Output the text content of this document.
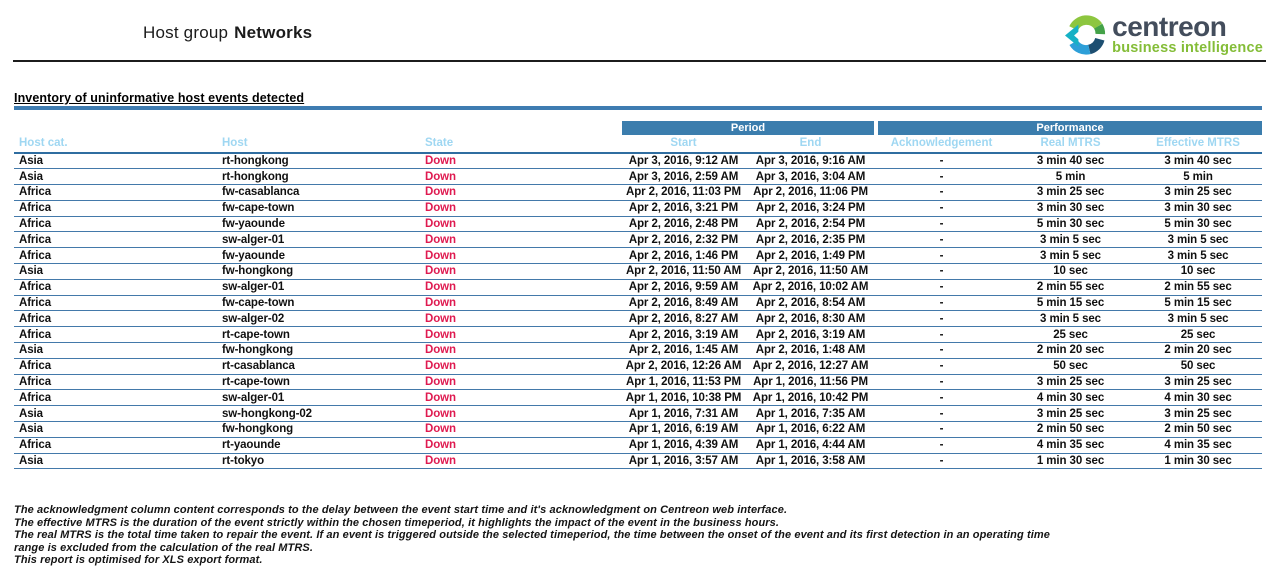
Host group Networks	centreon
business intelligence
Inventory of uninformative host events detected
			Period		Performance		
Host cat.	Host	State	Start	End	Acknowledgement	Real MTRS	Effective MTRS
Asia	rt-hongkong	Down	Apr 3, 2016, 9:12 AM	Apr 3, 2016, 9:16 AM	-	3 min 40 sec	3 min 40 sec
Asia	rt-hongkong	Down	Apr 3, 2016, 2:59 AM	Apr 3, 2016, 3:04 AM	-	5 min	5 min
Africa	fw-casablanca	Down	Apr 2, 2016, 11:03 PM	Apr 2, 2016, 11:06 PM	-	3 min 25 sec	3 min 25 sec
Africa	fw-cape-town	Down	Apr 2, 2016, 3:21 PM	Apr 2, 2016, 3:24 PM	-	3 min 30 sec	3 min 30 sec
Africa	fw-yaounde	Down	Apr 2, 2016, 2:48 PM	Apr 2, 2016, 2:54 PM	-	5 min 30 sec	5 min 30 sec
Africa	sw-alger-01	Down	Apr 2, 2016, 2:32 PM	Apr 2, 2016, 2:35 PM	-	3 min 5 sec	3 min 5 sec
Africa	fw-yaounde	Down	Apr 2, 2016, 1:46 PM	Apr 2, 2016, 1:49 PM	-	3 min 5 sec	3 min 5 sec
Asia	fw-hongkong	Down	Apr 2, 2016, 11:50 AM	Apr 2, 2016, 11:50 AM	-	10 sec	10 sec
Africa	sw-alger-01	Down	Apr 2, 2016, 9:59 AM	Apr 2, 2016, 10:02 AM	-	2 min 55 sec	2 min 55 sec
Africa	fw-cape-town	Down	Apr 2, 2016, 8:49 AM	Apr 2, 2016, 8:54 AM	-	5 min 15 sec	5 min 15 sec
Africa	sw-alger-02	Down	Apr 2, 2016, 8:27 AM	Apr 2, 2016, 8:30 AM	-	3 min 5 sec	3 min 5 sec
Africa	rt-cape-town	Down	Apr 2, 2016, 3:19 AM	Apr 2, 2016, 3:19 AM	-	25 sec	25 sec
Asia	fw-hongkong	Down	Apr 2, 2016, 1:45 AM	Apr 2, 2016, 1:48 AM	-	2 min 20 sec	2 min 20 sec
Africa	rt-casablanca	Down	Apr 2, 2016, 12:26 AM	Apr 2, 2016, 12:27 AM	-	50 sec	50 sec
Africa	rt-cape-town	Down	Apr 1, 2016, 11:53 PM	Apr 1, 2016, 11:56 PM	-	3 min 25 sec	3 min 25 sec
Africa	sw-alger-01	Down	Apr 1, 2016, 10:38 PM	Apr 1, 2016, 10:42 PM	-	4 min 30 sec	4 min 30 sec
Asia	sw-hongkong-02	Down	Apr 1, 2016, 7:31 AM	Apr 1, 2016, 7:35 AM	-	3 min 25 sec	3 min 25 sec
Asia	fw-hongkong	Down	Apr 1, 2016, 6:19 AM	Apr 1, 2016, 6:22 AM	-	2 min 50 sec	2 min 50 sec
Africa	rt-yaounde	Down	Apr 1, 2016, 4:39 AM	Apr 1, 2016, 4:44 AM	-	4 min 35 sec	4 min 35 sec
Asia	rt-tokyo	Down	Apr 1, 2016, 3:57 AM	Apr 1, 2016, 3:58 AM	-	1 min 30 sec	1 min 30 sec
The acknowledgment column content corresponds to the delay between the event start time and it's acknowledgment on Centreon web interface.
The effective MTRS is the duration of the event strictly within the chosen timeperiod, it highlights the impact of the event in the business hours.
The real MTRS is the total time taken to repair the event. If an event is triggered outside the selected timeperiod, the time between the onset of the event and its first detection in an operating time
range is excluded from the calculation of the real MTRS.
This report is optimised for XLS export format.
